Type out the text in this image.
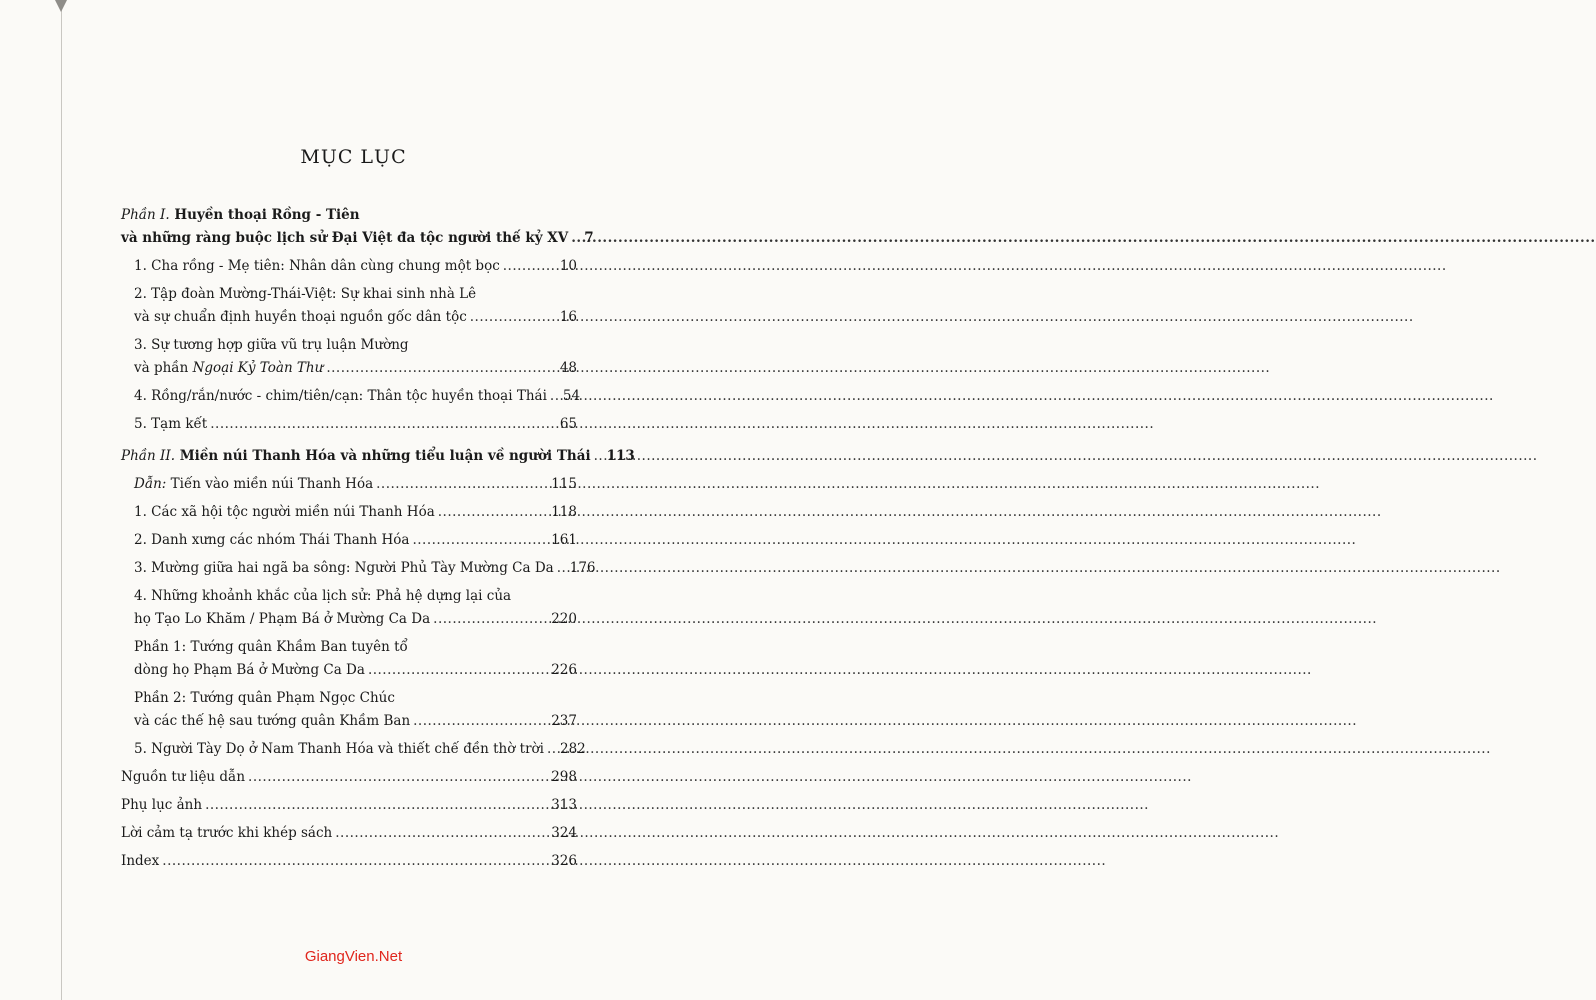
MỤC LỤC
Phần I. Huyền thoại Rồng - Tiên
và những ràng buộc lịch sử Đại Việt đa tộc người thế kỷ XV ..... 7
1. Cha rồng - Mẹ tiên: Nhân dân cùng chung một bọc .....	10
2. Tập đoàn Mường-Thái-Việt: Sự khai sinh nhà Lê
và sự chuẩn định huyền thoại nguồn gốc dân tộc .....	16
3. Sự tương hợp giữa vũ trụ luận Mường
và phần Ngoại Kỷ Toàn Thư .....	48
4. Rồng/rắn/nước - chim/tiên/cạn: Thân tộc huyền thoại Thái ..... 54
5. Tạm kết .....	65
Phần II. Miền núi Thanh Hóa và những tiểu luận về người Thái ..... 113
Dẫn: Tiến vào miền núi Thanh Hóa .....	115
1. Các xã hội tộc người miền núi Thanh Hóa .....	118
2. Danh xưng các nhóm Thái Thanh Hóa .....	161
3. Mường giữa hai ngã ba sông: Người Phủ Tày Mường Ca Da ..... 176
4. Những khoảnh khắc của lịch sử: Phả hệ dựng lại của
họ Tạo Lo Khăm / Phạm Bá ở Mường Ca Da .....	220
Phần 1: Tướng quân Khầm Ban tuyên tổ
dòng họ Phạm Bá ở Mường Ca Da .....	226
Phần 2: Tướng quân Phạm Ngọc Chúc
và các thế hệ sau tướng quân Khầm Ban .....	237
5. Người Tày Dọ ở Nam Thanh Hóa và thiết chế đền thờ trời ..... 282
Nguồn tư liệu dẫn .....	298
Phụ lục ảnh .....	313
Lời cảm tạ trước khi khép sách .....	324
Index .....	326
GiangVien.Net
